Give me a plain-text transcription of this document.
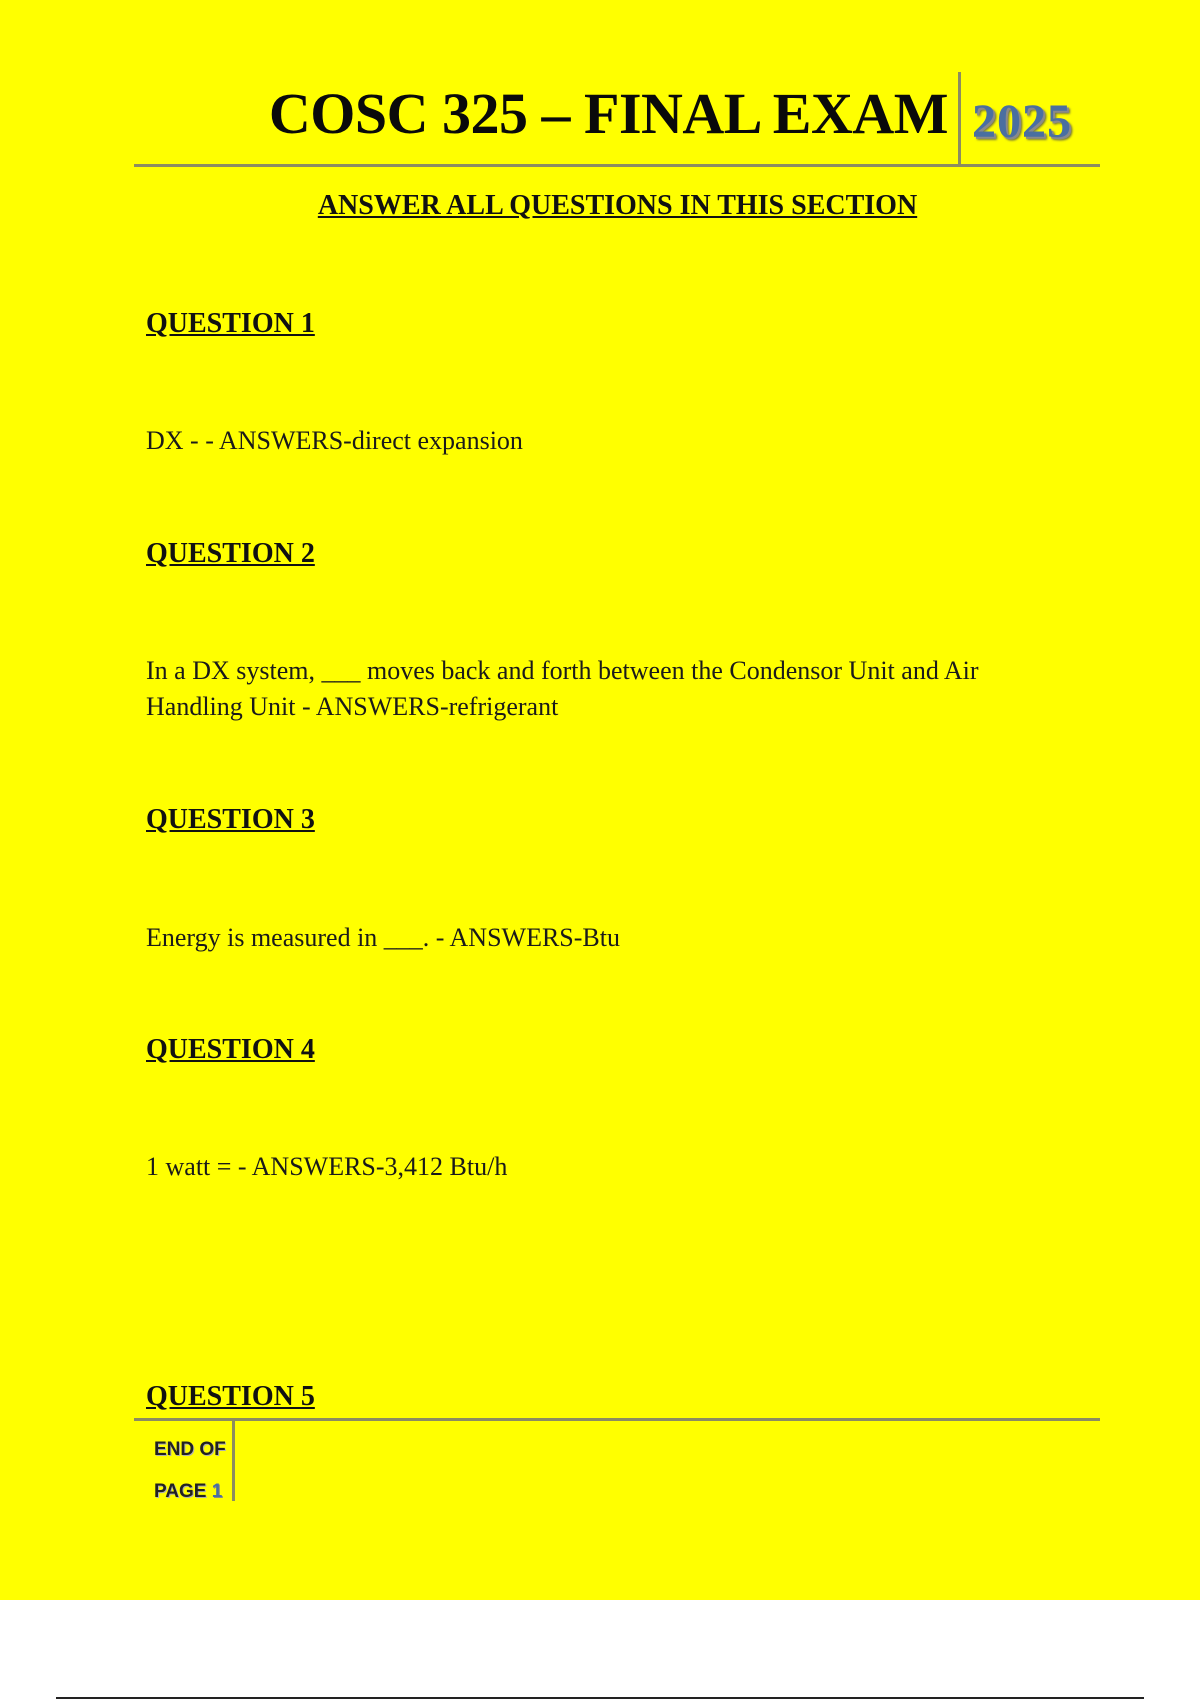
COSC 325 – FINAL EXAM 2025
ANSWER ALL QUESTIONS IN THIS SECTION
QUESTION 1
DX - - ANSWERS-direct expansion
QUESTION 2
In a DX system, ___ moves back and forth between the Condensor Unit and Air Handling Unit - ANSWERS-refrigerant
QUESTION 3
Energy is measured in ___. - ANSWERS-Btu
QUESTION 4
1 watt = - ANSWERS-3,412 Btu/h
QUESTION 5
END OF
PAGE 1
